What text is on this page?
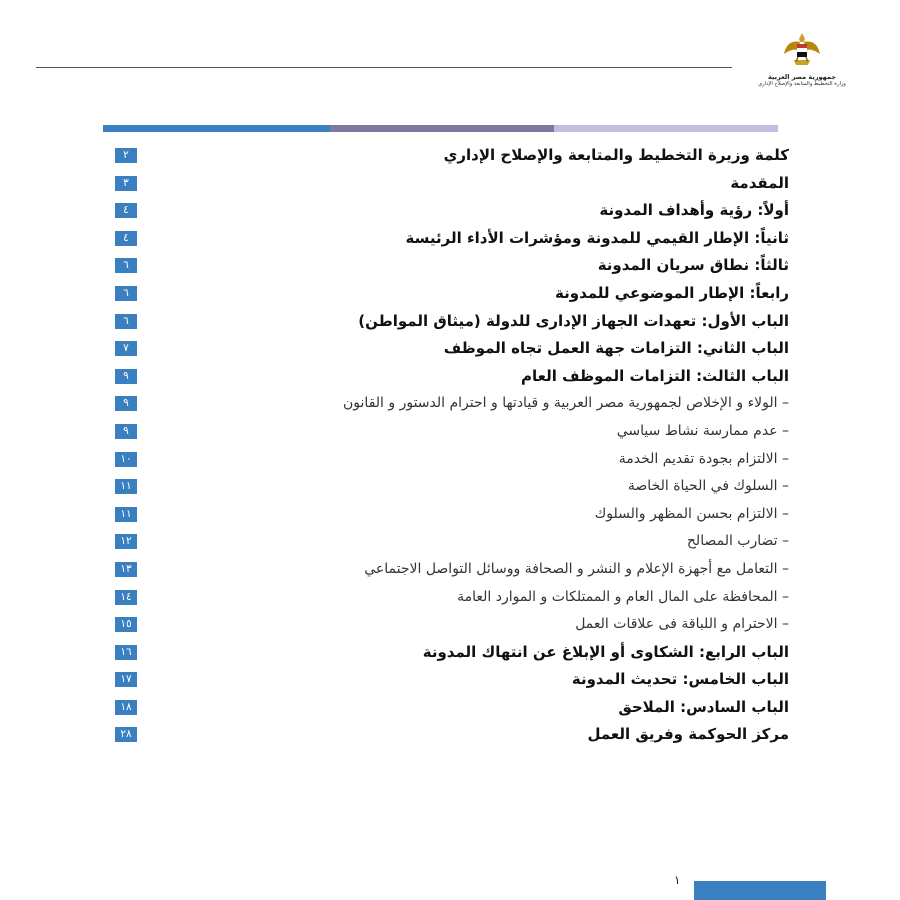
جمهورية مصر العربية
وزارة التخطيط والمتابعة والإصلاح الإداري
٢	كلمة وزيرة التخطيط والمتابعة والإصلاح الإداري
٣	المقدمة
٤	أولاً: رؤية وأهداف المدونة
٤	ثانياً: الإطار القيمي للمدونة ومؤشرات الأداء الرئيسة
٦	ثالثاً: نطاق سريان المدونة
٦	رابعاً: الإطار الموضوعي للمدونة
٦	الباب الأول: تعهدات الجهاز الإدارى للدولة (ميثاق المواطن)
٧	الباب الثاني: التزامات جهة العمل تجاه الموظف
٩	الباب الثالث: التزامات الموظف العام
٩	– الولاء و الإخلاص لجمهورية مصر العربية و قيادتها و احترام الدستور و القانون
٩	– عدم ممارسة نشاط سياسي
١٠	– الالتزام بجودة تقديم الخدمة
١١	– السلوك في الحياة الخاصة
١١	– الالتزام بحسن المظهر والسلوك
١٢	– تضارب المصالح
١٣	– التعامل مع أجهزة الإعلام و النشر و الصحافة ووسائل التواصل الاجتماعي
١٤	– المحافظة على المال العام و الممتلكات و الموارد العامة
١٥	– الاحترام و اللباقة فى علاقات العمل
١٦	الباب الرابع: الشكاوى أو الإبلاغ عن انتهاك المدونة
١٧	الباب الخامس: تحديث المدونة
١٨	الباب السادس: الملاحق
٢٨	مركز الحوكمة وفريق العمل
١
